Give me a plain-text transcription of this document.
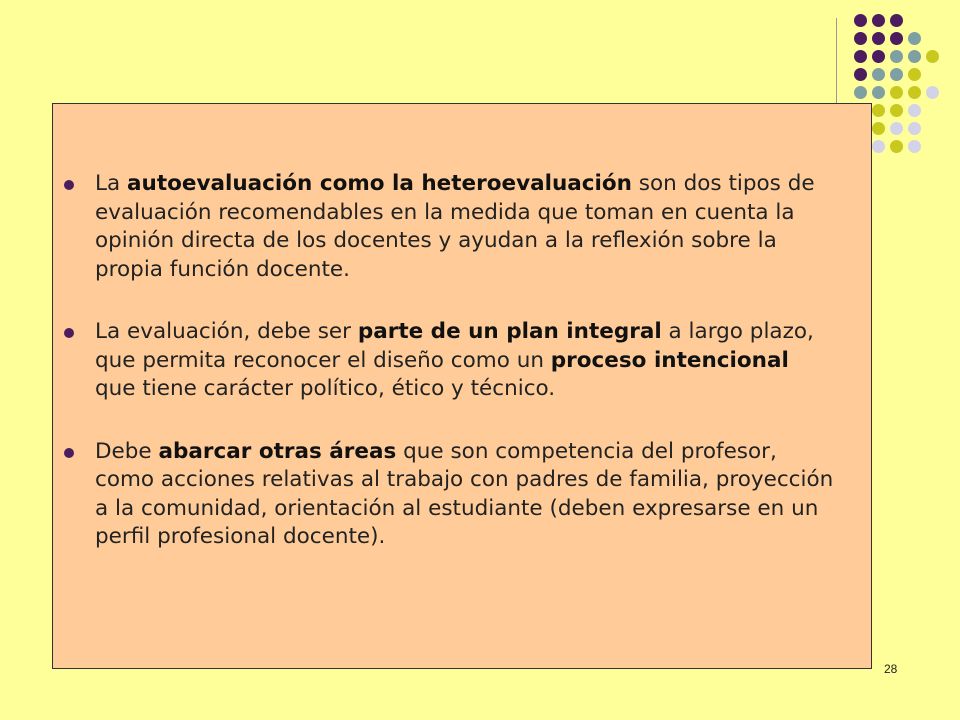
La autoevaluación como la heteroevaluación son dos tipos de evaluación recomendables en la medida que toman en cuenta la opinión directa de los docentes y ayudan a la reflexión sobre la propia función docente.
La evaluación, debe ser parte de un plan integral a largo plazo, que permita reconocer el diseño como un proceso intencional que tiene carácter político, ético y técnico.
Debe abarcar otras áreas que son competencia del profesor, como acciones relativas al trabajo con padres de familia, proyección a la comunidad, orientación al estudiante (deben expresarse en un perfil profesional docente).
28
